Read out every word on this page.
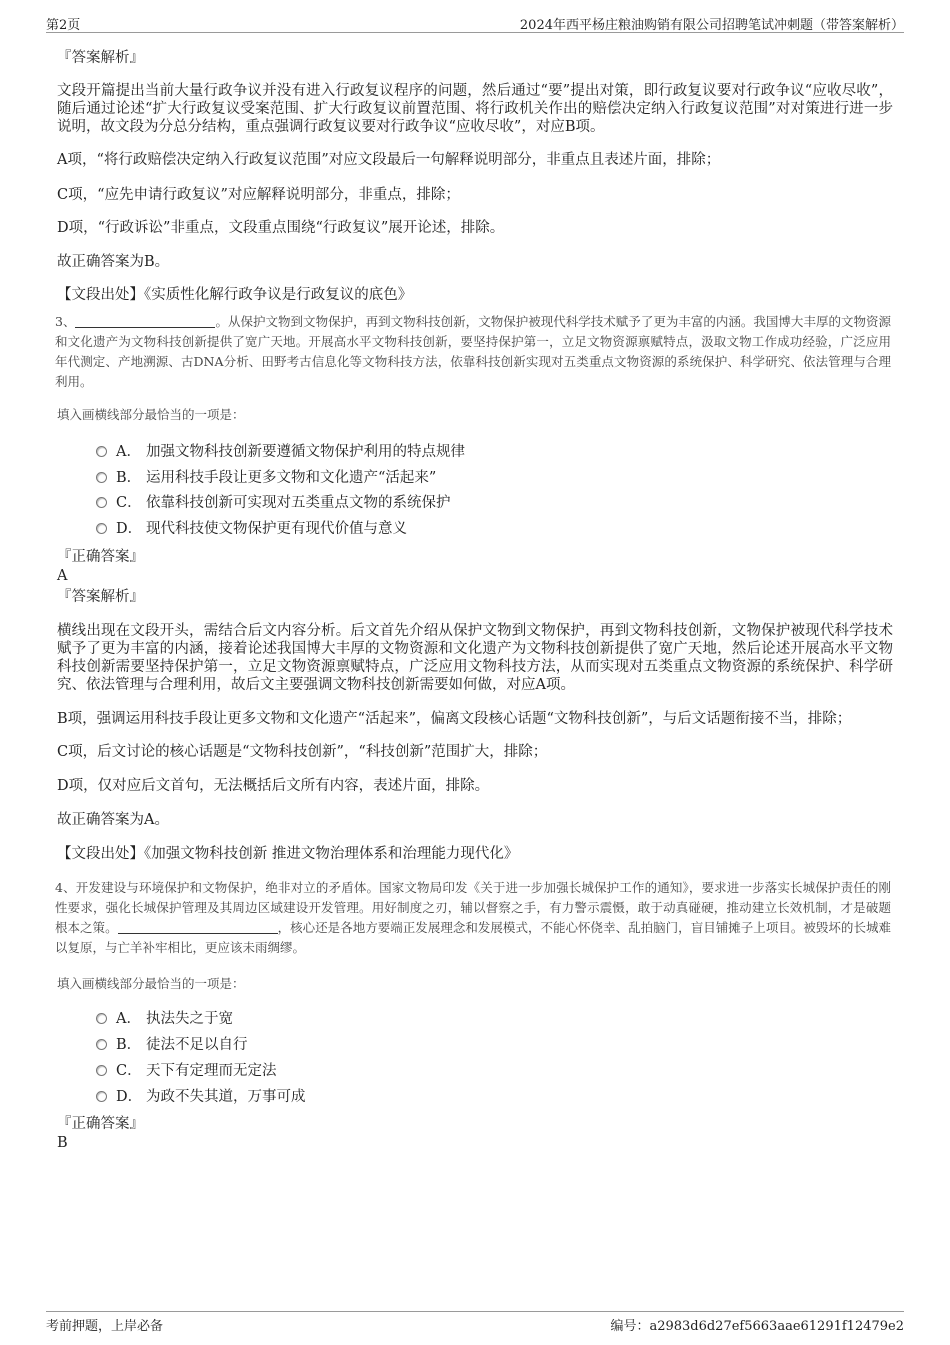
第2页	2024年西平杨庄粮油购销有限公司招聘笔试冲刺题（带答案解析）
『答案解析』
文段开篇提出当前大量行政争议并没有进入行政复议程序的问题，然后通过“要”提出对策，即行政复议要对行政争议“应收尽收”，随后通过论述“扩大行政复议受案范围、扩大行政复议前置范围、将行政机关作出的赔偿决定纳入行政复议范围”对对策进行进一步说明，故文段为分总分结构，重点强调行政复议要对行政争议“应收尽收”，对应B项。
A项，“将行政赔偿决定纳入行政复议范围”对应文段最后一句解释说明部分，非重点且表述片面，排除；
C项，“应先申请行政复议”对应解释说明部分，非重点，排除；
D项，“行政诉讼”非重点，文段重点围绕“行政复议”展开论述，排除。
故正确答案为B。
【文段出处】《实质性化解行政争议是行政复议的底色》
3、	。从保护文物到文物保护，再到文物科技创新，文物保护被现代科学技术赋予了更为丰富的内涵。我国博大丰厚的文物资源和文化遗产为文物科技创新提供了宽广天地。开展高水平文物科技创新，要坚持保护第一，立足文物资源禀赋特点，汲取文物工作成功经验，广泛应用年代测定、产地溯源、古DNA分析、田野考古信息化等文物科技方法，依靠科技创新实现对五类重点文物资源的系统保护、科学研究、依法管理与合理利用。
填入画横线部分最恰当的一项是：
A． 加强文物科技创新要遵循文物保护利用的特点规律
B． 运用科技手段让更多文物和文化遗产“活起来”
C． 依靠科技创新可实现对五类重点文物的系统保护
D． 现代科技使文物保护更有现代价值与意义
『正确答案』
A
『答案解析』
横线出现在文段开头，需结合后文内容分析。后文首先介绍从保护文物到文物保护，再到文物科技创新，文物保护被现代科学技术赋予了更为丰富的内涵，接着论述我国博大丰厚的文物资源和文化遗产为文物科技创新提供了宽广天地，然后论述开展高水平文物科技创新需要坚持保护第一，立足文物资源禀赋特点，广泛应用文物科技方法，从而实现对五类重点文物资源的系统保护、科学研究、依法管理与合理利用，故后文主要强调文物科技创新需要如何做，对应A项。
B项，强调运用科技手段让更多文物和文化遗产“活起来”，偏离文段核心话题“文物科技创新”，与后文话题衔接不当，排除；
C项，后文讨论的核心话题是“文物科技创新”，“科技创新”范围扩大，排除；
D项，仅对应后文首句，无法概括后文所有内容，表述片面，排除。
故正确答案为A。
【文段出处】《加强文物科技创新 推进文物治理体系和治理能力现代化》
4、开发建设与环境保护和文物保护，绝非对立的矛盾体。国家文物局印发《关于进一步加强长城保护工作的通知》，要求进一步落实长城保护责任的刚性要求，强化长城保护管理及其周边区域建设开发管理。用好制度之刃，辅以督察之手，有力警示震慑，敢于动真碰硬，推动建立长效机制，才是破题根本之策。	，核心还是各地方要端正发展理念和发展模式，不能心怀侥幸、乱拍脑门，盲目铺摊子上项目。被毁坏的长城难以复原，与亡羊补牢相比，更应该未雨绸缪。
填入画横线部分最恰当的一项是：
A． 执法失之于宽
B． 徒法不足以自行
C． 天下有定理而无定法
D． 为政不失其道，万事可成
『正确答案』
B
考前押题，上岸必备	编号：a2983d6d27ef5663aae61291f12479e2
